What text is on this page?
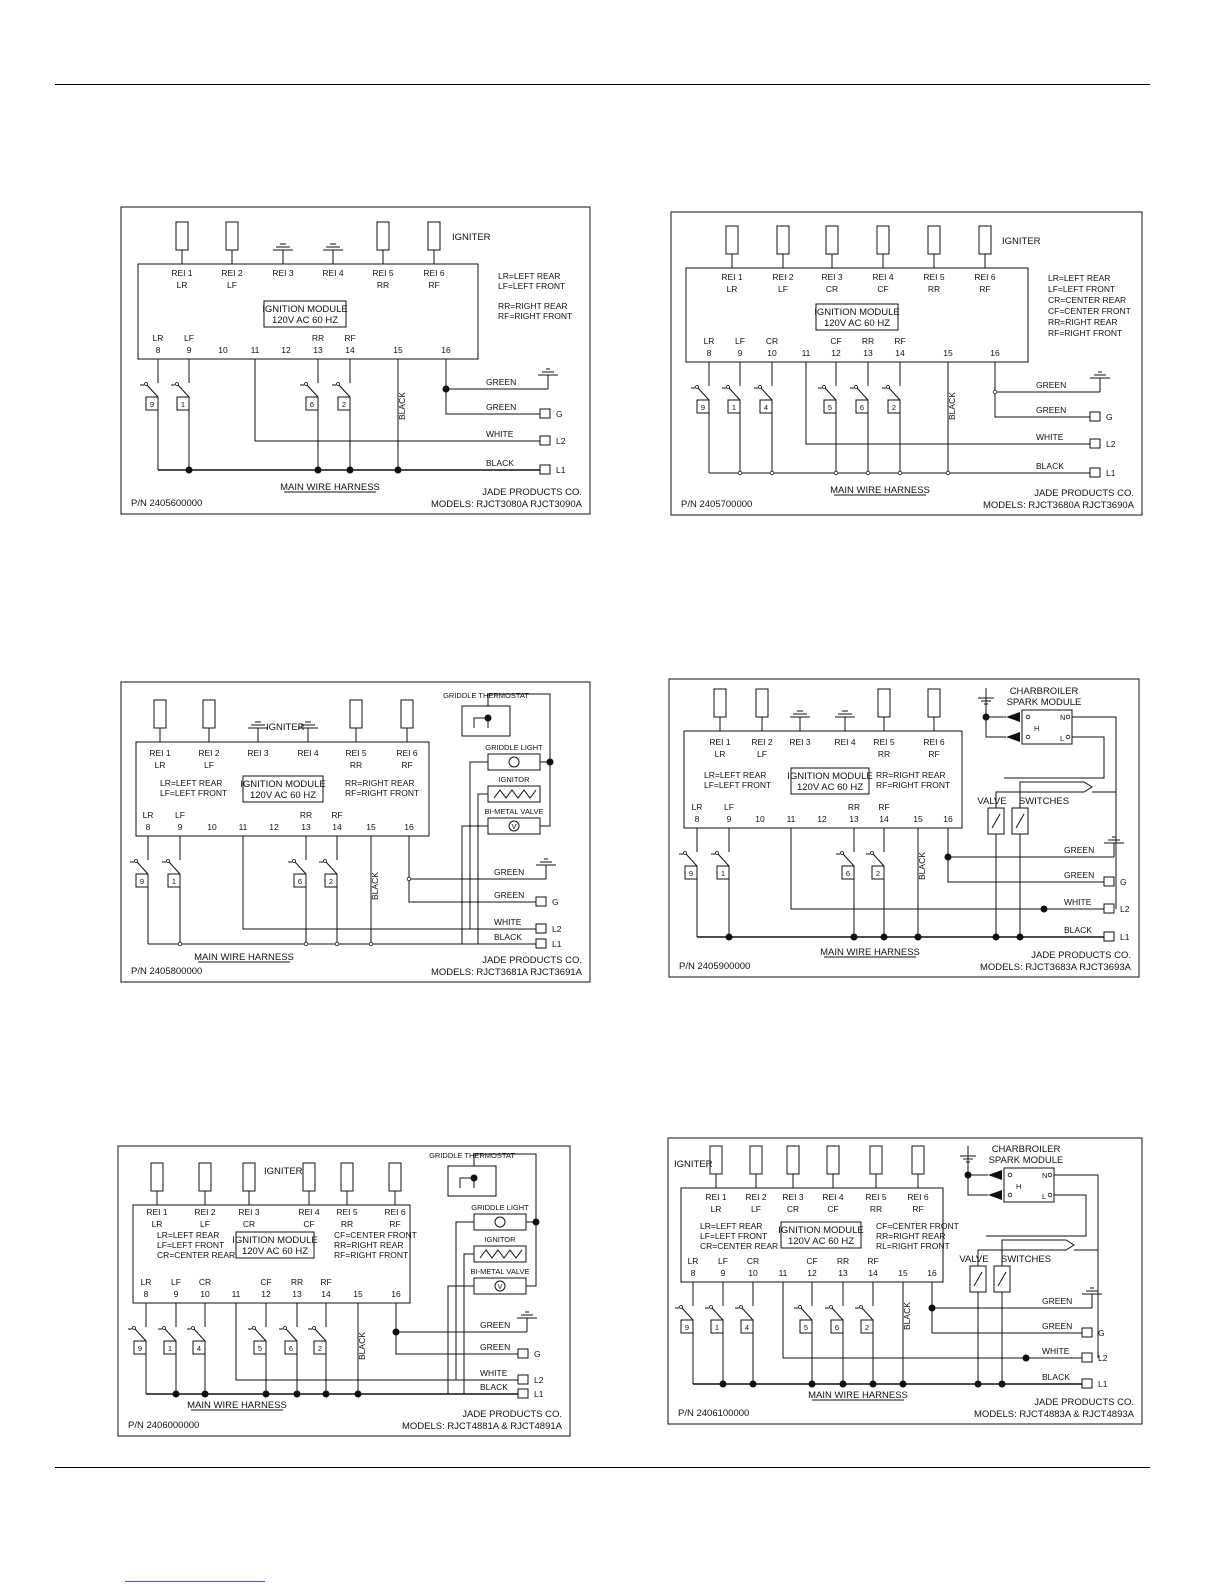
REI 1
LR
REI 2
LF
REI 3	REI 4	REI 5
RR
REI 6
RF
IGNITER
IGNITION MODULE
120V AC 60 HZ
LR=LEFT REAR
LF=LEFT FRONT
RR=RIGHT REAR
RF=RIGHT FRONT
8
LR
9
LF
10	11	12	13
RR
14
RF
15	16
L1
BLACK
L2
WHITE
G
GREEN
GREEN
BLACK
9	1	6	2
MAIN WIRE HARNESS
P/N 2405600000
JADE PRODUCTS CO.
MODELS: RJCT3080A RJCT3090A
REI 1
LR
REI 2
LF
REI 3
CR
REI 4
CF
REI 5
RR
REI 6
RF
IGNITER
IGNITION MODULE
120V AC 60 HZ
LR=LEFT REAR
LF=LEFT FRONT
CR=CENTER REAR
CF=CENTER FRONT
RR=RIGHT REAR
RF=RIGHT FRONT
8
LR
9
LF
10
CR
11 12
CF
13
RR
14
RF
15	16
L1
BLACK
L2
WHITE
G
GREEN
GREEN
BLACK
9	1	4	5	6	2
MAIN WIRE HARNESS
P/N 2405700000
JADE PRODUCTS CO.
MODELS: RJCT3680A RJCT3690A
REI 1
LR
REI 2
LF
REI 3	REI 4	REI 5
RR
REI 6
RF
IGNITER
IGNITION MODULE
120V AC 60 HZ
LR=LEFT REAR
LF=LEFT FRONT
RR=RIGHT REAR
RF=RIGHT FRONT
8
LR
9
LF
10	11	12	13
RR
14
RF
15	16
L1
BLACK
L2
WHITE
G
GREEN
GREEN
BLACK
9	1	6	2
MAIN WIRE HARNESS
P/N 2405800000
JADE PRODUCTS CO.
MODELS: RJCT3681A RJCT3691A
GRIDDLE THERMOSTAT
GRIDDLE LIGHT
IGNITOR
BI-METAL VALVE
V
REI 1
LR
REI 2
LF
REI 3	REI 4 REI 5
RR
REI 6
RF
IGNITION MODULE
120V AC 60 HZ
LR=LEFT REAR
LF=LEFT FRONT
RR=RIGHT REAR
RF=RIGHT FRONT
8
LR
9
LF
10	11	12	13
RR
14
RF
15 16
L1
BLACK
L2
WHITE
G
GREEN
GREEN
BLACK
9	1	6	2
MAIN WIRE HARNESS
P/N 2405900000
JADE PRODUCTS CO.
MODELS: RJCT3683A RJCT3693A
CHARBROILER
SPARK MODULE
N
H
L
VALVE SWITCHES
REI 1
LR
REI 2
LF
REI 3
CR
REI 4
CF
REI 5
RR
REI 6
RF
IGNITER
IGNITION MODULE
120V AC 60 HZ
LR=LEFT REAR
LF=LEFT FRONT
CR=CENTER REAR
CF=CENTER FRONT
RR=RIGHT REAR
RF=RIGHT FRONT
8
LR
9
LF
10
CR
11 12
CF
13
RR
14
RF
15	16
L1
BLACK
L2
WHITE
G
GREEN
GREEN
BLACK
9	1	4	5	6	2
MAIN WIRE HARNESS
P/N 2406000000
JADE PRODUCTS CO.
MODELS: RJCT4881A & RJCT4891A
GRIDDLE THERMOSTAT
GRIDDLE LIGHT
IGNITOR
BI-METAL VALVE
V
REI 1
LR
REI 2
LF
REI 3
CR
REI 4
CF
REI 5
RR
REI 6
RF
IGNITER
IGNITION MODULE
120V AC 60 HZ
LR=LEFT REAR
LF=LEFT FRONT
CR=CENTER REAR
CF=CENTER FRONT
RR=RIGHT REAR
RL=RIGHT FRONT
8
LR
9
LF
10
CR
11 12
CF
13
RR
14
RF
15 16
L1
BLACK
L2
WHITE
G
GREEN
GREEN
BLACK
9	1	4	5	6	2
MAIN WIRE HARNESS
P/N 2406100000
JADE PRODUCTS CO.
MODELS: RJCT4883A & RJCT4893A
CHARBROILER
SPARK MODULE
N
H
L
VALVE SWITCHES
